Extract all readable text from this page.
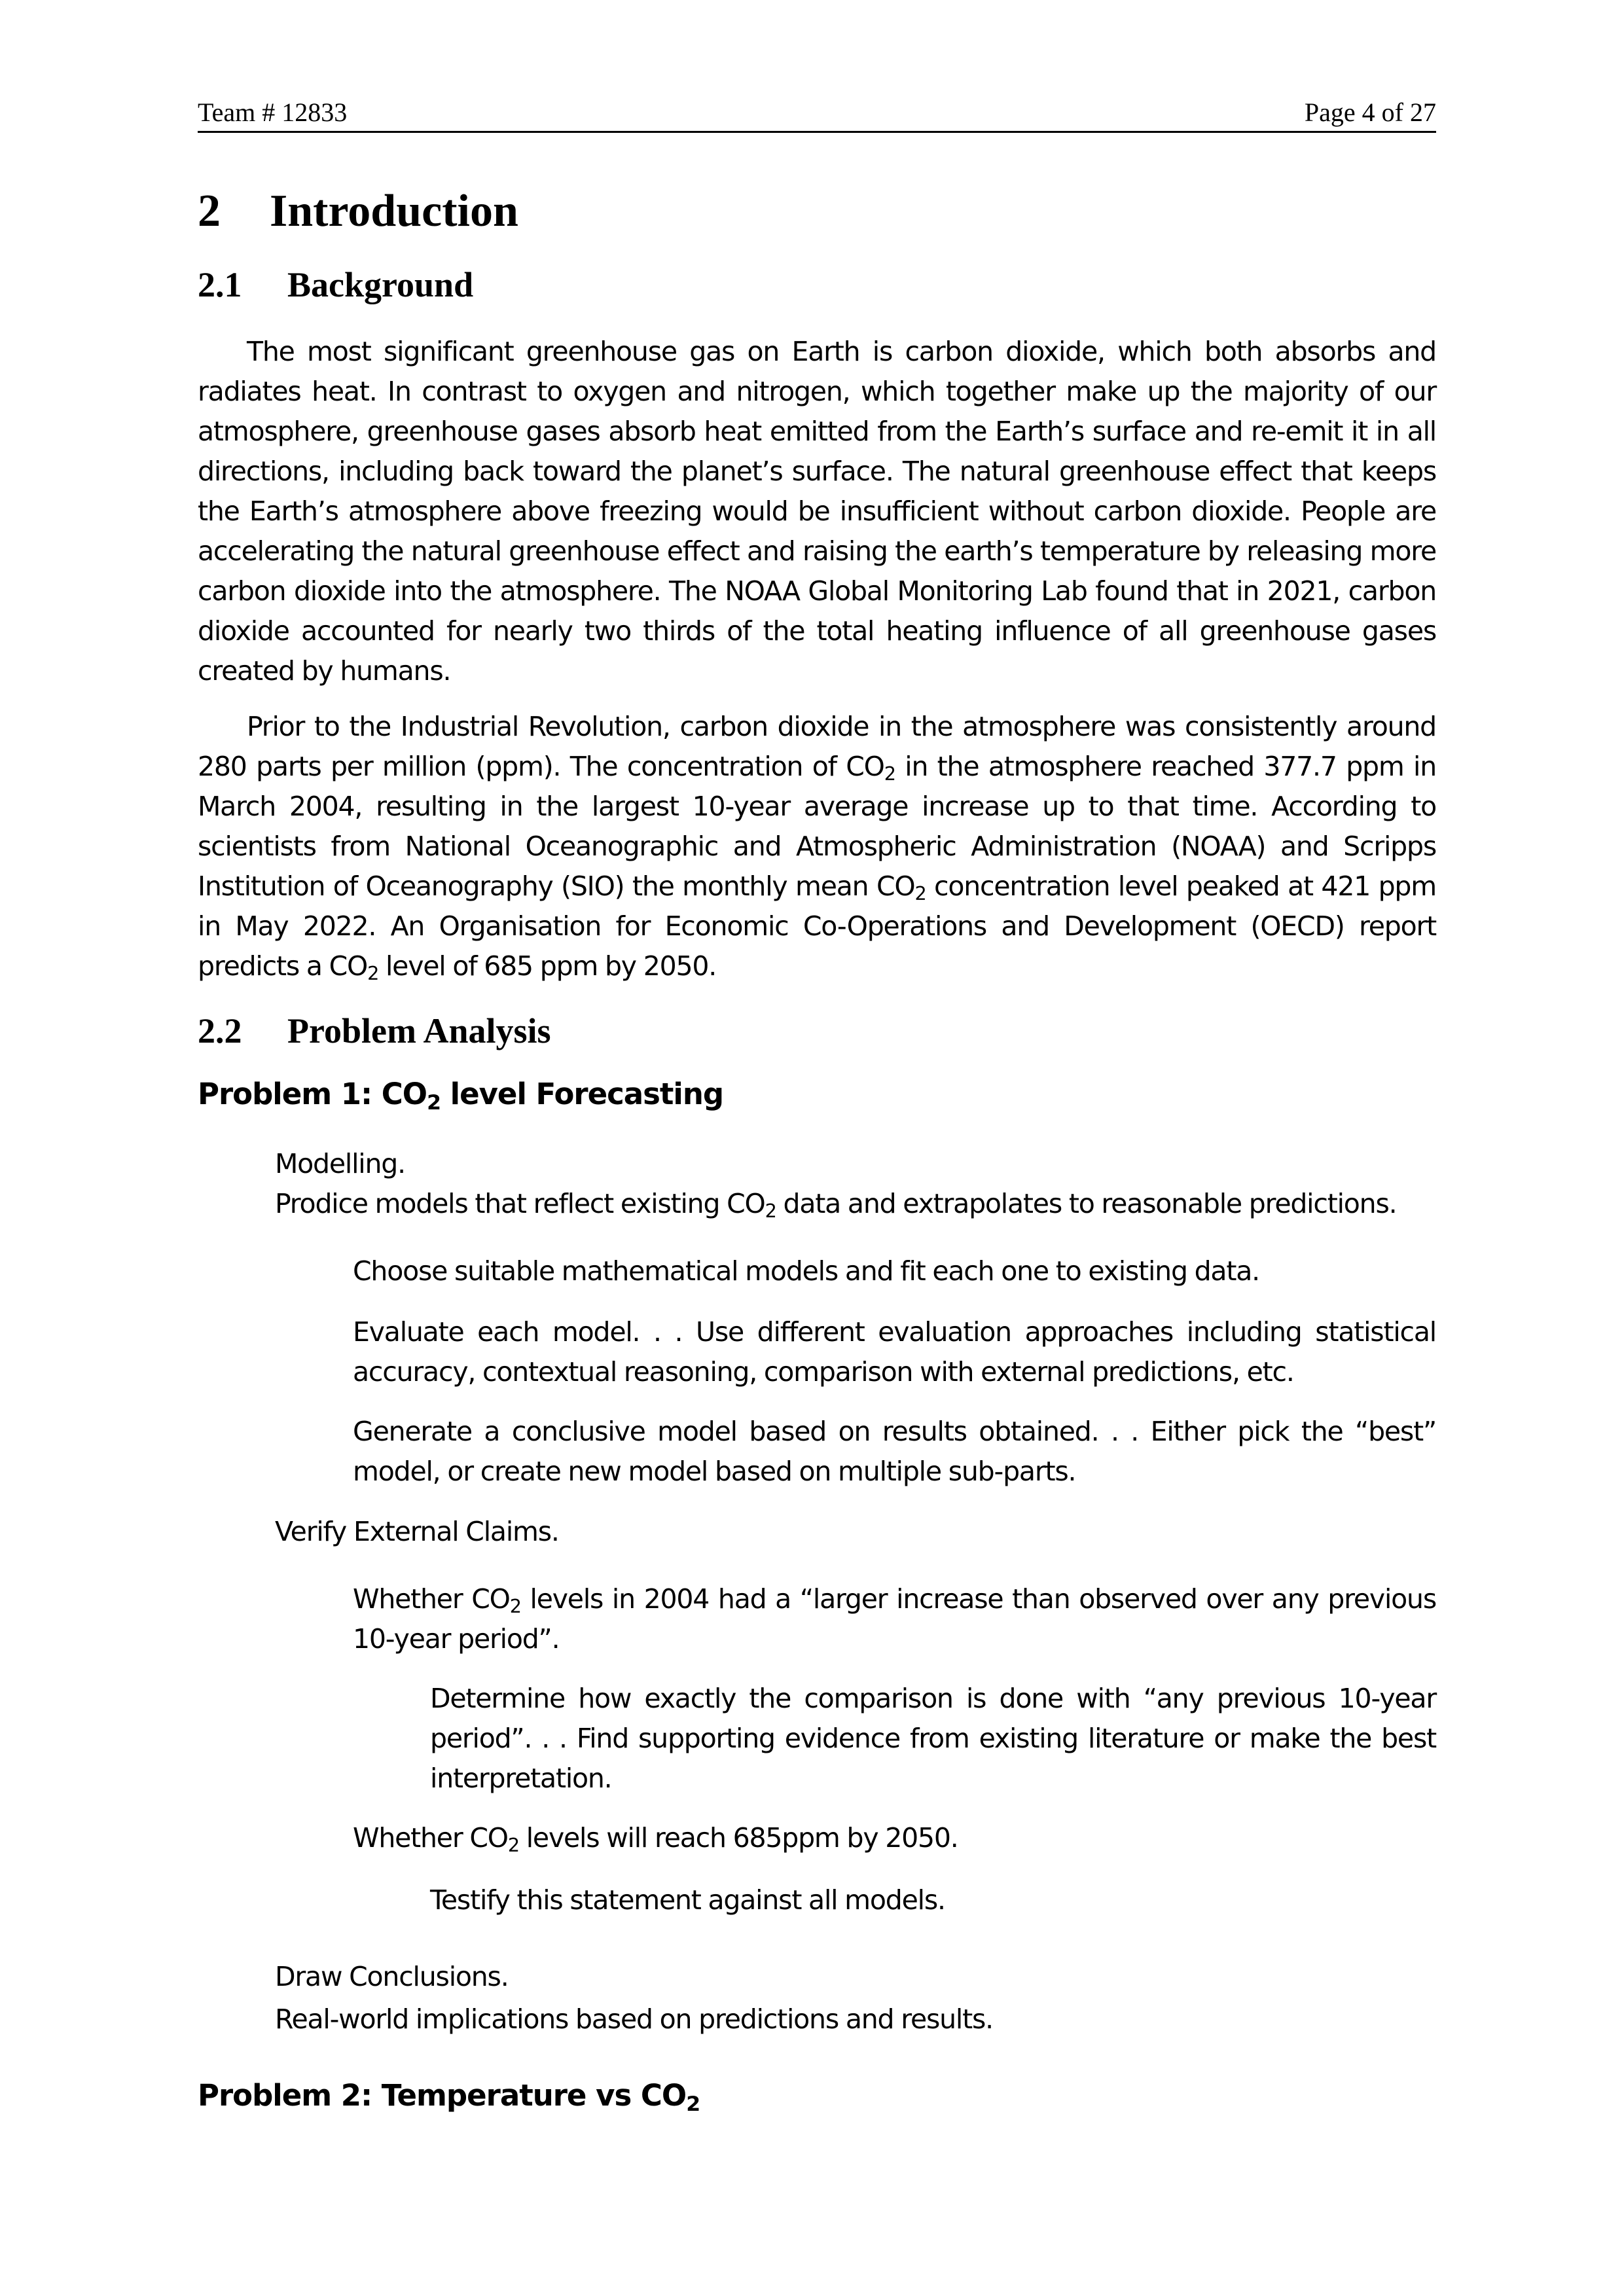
Team # 12833	Page 4 of 27
2 Introduction
2.1 Background

The most significant greenhouse gas on Earth is carbon dioxide, which both absorbs and radiates heat. In contrast to oxygen and nitrogen, which together make up the majority of our atmosphere, greenhouse gases absorb heat emitted from the Earth’s surface and re-emit it in all directions, including back toward the planet’s surface. The natural greenhouse effect that keeps the Earth’s atmosphere above freezing would be insufficient without carbon dioxide. People are accelerating the natural greenhouse effect and raising the earth’s temperature by releasing more carbon dioxide into the atmosphere. The NOAA Global Monitoring Lab found that in 2021, carbon dioxide accounted for nearly two thirds of the total heating influence of all greenhouse gases created by humans.

Prior to the Industrial Revolution, carbon dioxide in the atmosphere was consistently around 280 parts per million (ppm). The concentration of $CO_2$ in the atmosphere reached 377.7 ppm in March 2004, resulting in the largest 10-year average increase up to that time. According to scientists from National Oceanographic and Atmospheric Administration (NOAA) and Scripps Institution of Oceanography (SIO) the monthly mean $CO_2$ concentration level peaked at 421 ppm in May 2022. An Organisation for Economic Co-Operations and Development (OECD) report predicts a $CO_2$ level of 685 ppm by 2050.

2.2 Problem Analysis
Problem 1: $CO_2$ level Forecasting

Modelling.

Prodice models that reflect existing $CO_2$ data and extrapolates to reasonable predictions.

Choose suitable mathematical models and fit each one to existing data.

Evaluate each model. . . Use different evaluation approaches including statistical accuracy, contextual reasoning, comparison with external predictions, etc.

Generate a conclusive model based on results obtained. . . Either pick the “best” model, or create new model based on multiple sub-parts.

Verify External Claims.

Whether $CO_2$ levels in 2004 had a “larger increase than observed over any previous 10-year period”.

Determine how exactly the comparison is done with “any previous 10-year period”. . . Find supporting evidence from existing literature or make the best interpretation.

Whether $CO_2$ levels will reach 685ppm by 2050.

Testify this statement against all models.

Draw Conclusions.

Real-world implications based on predictions and results.

Problem 2: Temperature vs $CO_2$
